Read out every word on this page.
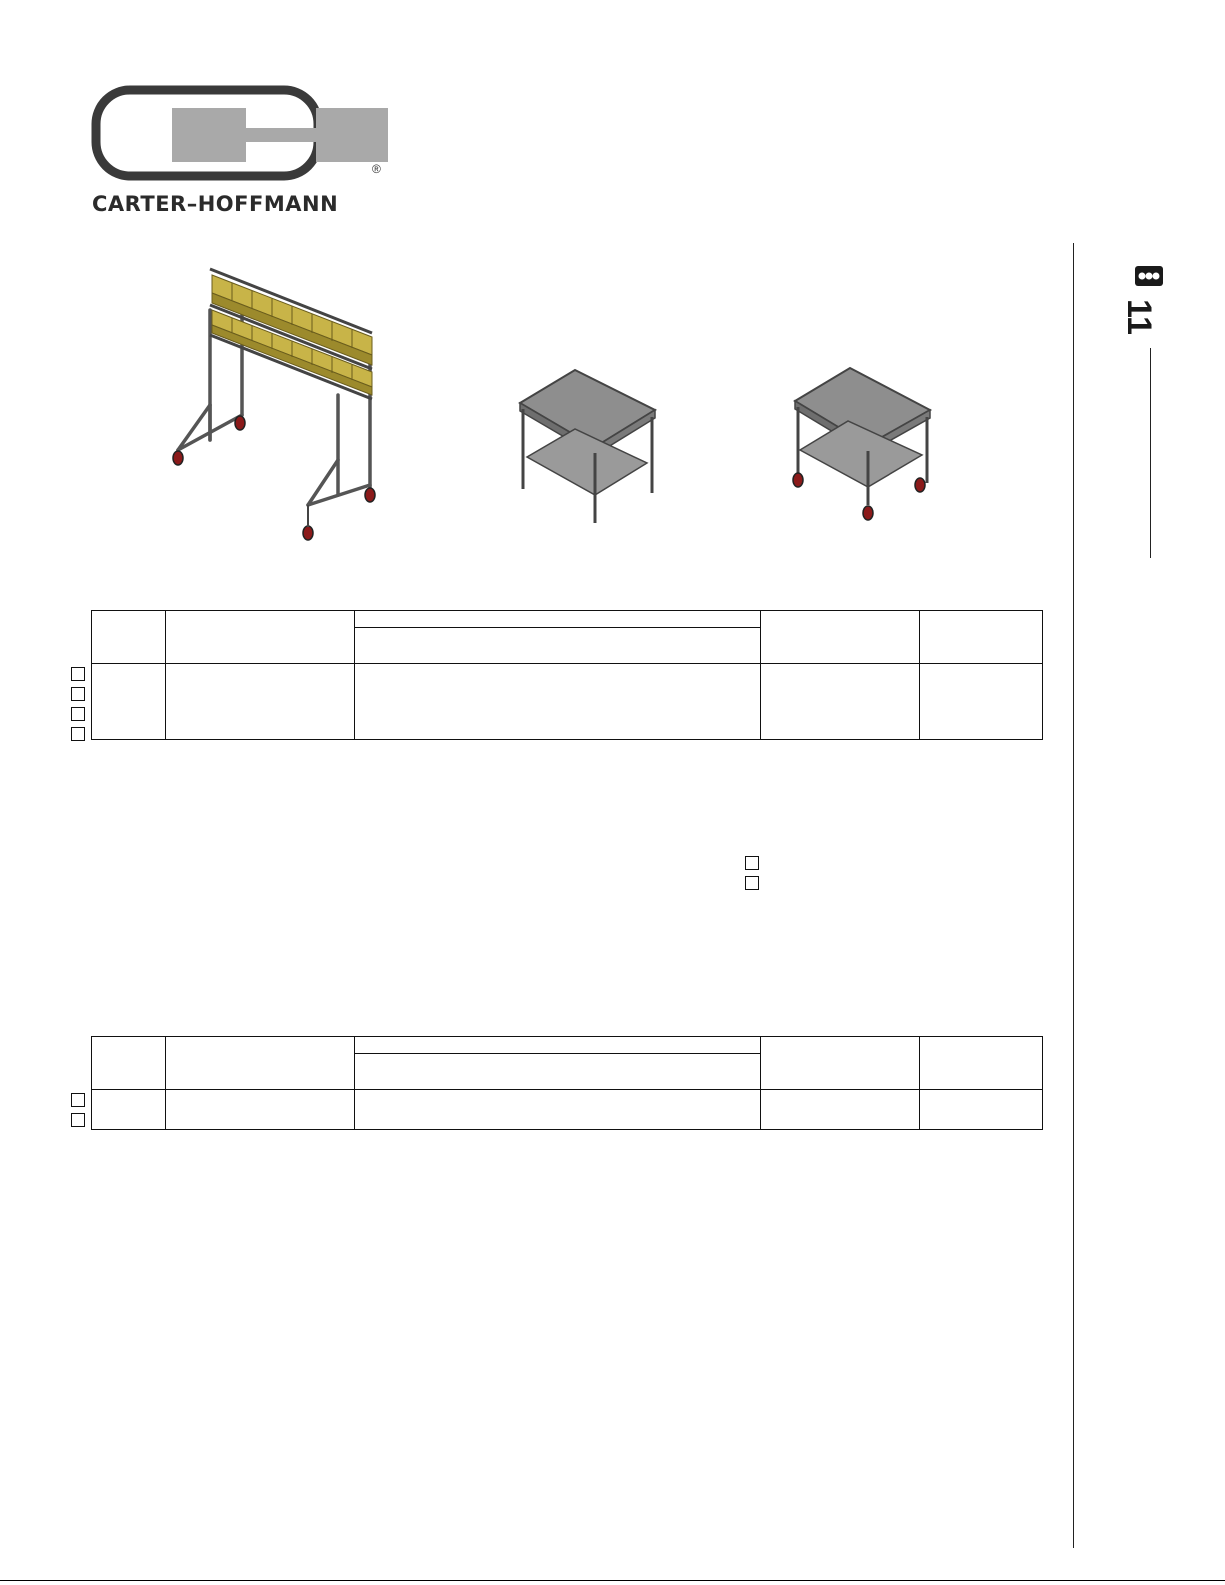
®
CARTER–HOFFMANN
11
